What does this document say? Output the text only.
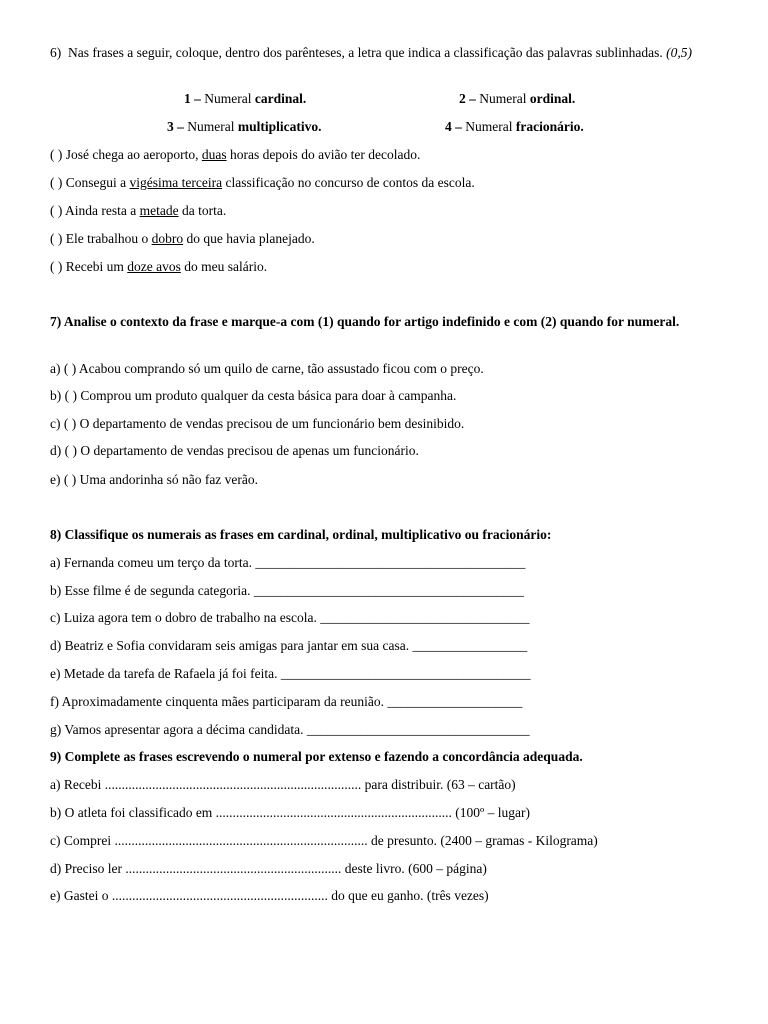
6) Nas frases a seguir, coloque, dentro dos parênteses, a letra que indica a classificação das palavras sublinhadas. (0,5)
1 – Numeral cardinal.	2 – Numeral ordinal.
3 – Numeral multiplicativo.	4 – Numeral fracionário.
( ) José chega ao aeroporto, duas horas depois do avião ter decolado.
( ) Consegui a vigésima terceira classificação no concurso de contos da escola.
( ) Ainda resta a metade da torta.
( ) Ele trabalhou o dobro do que havia planejado.
( ) Recebi um doze avos do meu salário.
7) Analise o contexto da frase e marque-a com (1) quando for artigo indefinido e com (2) quando for numeral.
a) ( ) Acabou comprando só um quilo de carne, tão assustado ficou com o preço.
b) ( ) Comprou um produto qualquer da cesta básica para doar à campanha.
c) ( ) O departamento de vendas precisou de um funcionário bem desinibido.
d) ( ) O departamento de vendas precisou de apenas um funcionário.
e) ( ) Uma andorinha só não faz verão.
8) Classifique os numerais as frases em cardinal, ordinal, multiplicativo ou fracionário:
a) Fernanda comeu um terço da torta. ________________________________________
b) Esse filme é de segunda categoria. ________________________________________
c) Luiza agora tem o dobro de trabalho na escola. _______________________________
d) Beatriz e Sofia convidaram seis amigas para jantar em sua casa. _________________
e) Metade da tarefa de Rafaela já foi feita. _____________________________________
f) Aproximadamente cinquenta mães participaram da reunião. ____________________
g) Vamos apresentar agora a décima candidata. _________________________________
9) Complete as frases escrevendo o numeral por extenso e fazendo a concordância adequada.
a) Recebi ............................................................................ para distribuir. (63 – cartão)
b) O atleta foi classificado em ...................................................................... (100º – lugar)
c) Comprei ........................................................................... de presunto. (2400 – gramas - Kilograma)
d) Preciso ler ................................................................ deste livro. (600 – página)
e) Gastei o ................................................................ do que eu ganho. (três vezes)
